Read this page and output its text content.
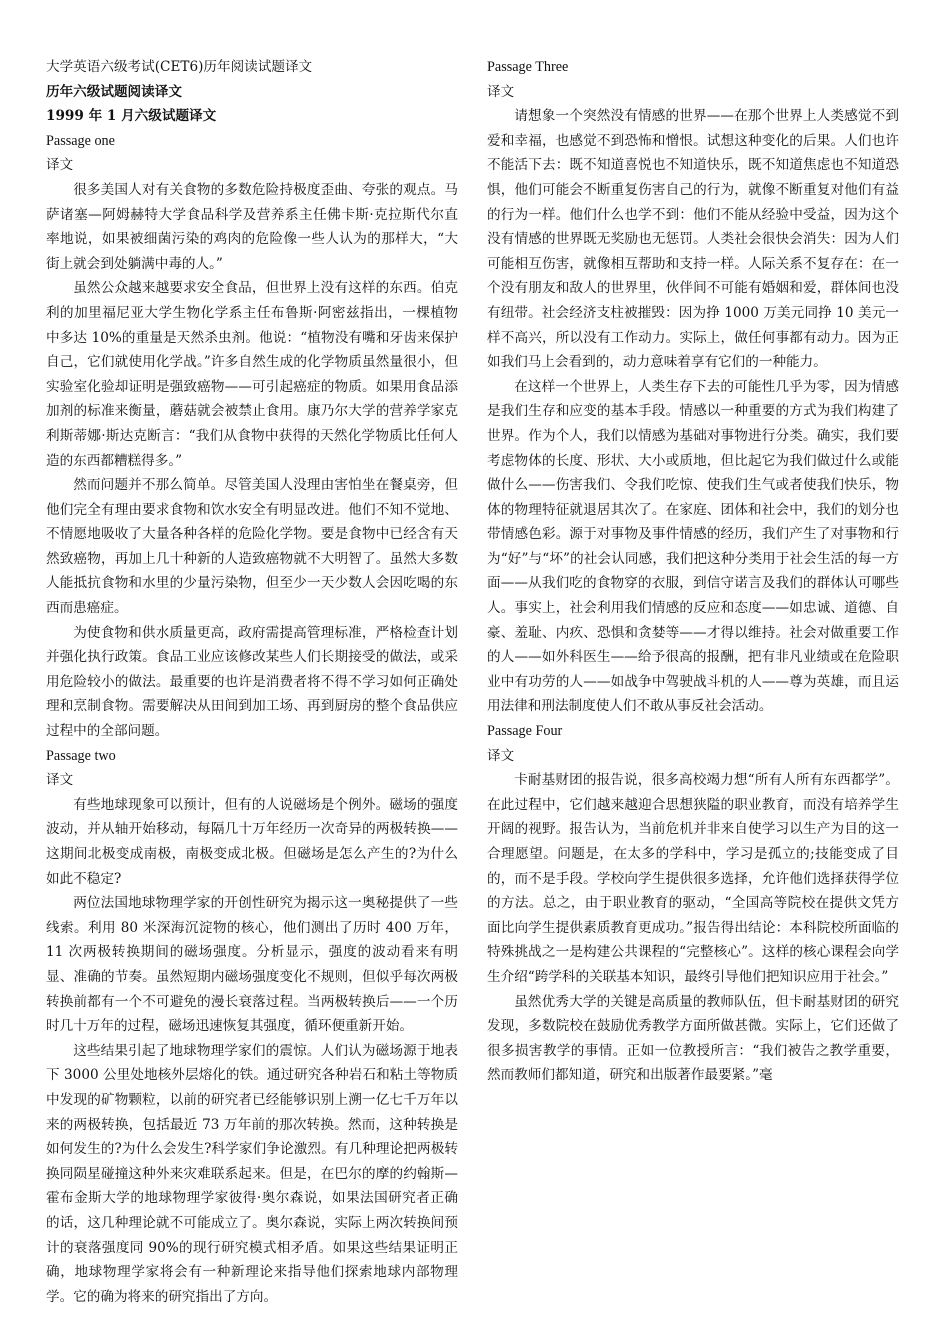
大学英语六级考试(CET6)历年阅读试题译文

历年六级试题阅读译文

1999 年 1 月六级试题译文

Passage one

译文

很多美国人对有关食物的多数危险持极度歪曲、夸张的观点。马萨诸塞—阿姆赫特大学食品科学及营养系主任佛卡斯·克拉斯代尔直率地说，如果被细菌污染的鸡肉的危险像一些人认为的那样大，“大街上就会到处躺满中毒的人。”

虽然公众越来越要求安全食品，但世界上没有这样的东西。伯克利的加里福尼亚大学生物化学系主任布鲁斯·阿密兹指出，一棵植物中多达 10%的重量是天然杀虫剂。他说：“植物没有嘴和牙齿来保护自己，它们就使用化学战。”许多自然生成的化学物质虽然量很小，但实验室化验却证明是强致癌物——可引起癌症的物质。如果用食品添加剂的标准来衡量，蘑菇就会被禁止食用。康乃尔大学的营养学家克利斯蒂娜·斯达克断言：“我们从食物中获得的天然化学物质比任何人造的东西都糟糕得多。”

然而问题并不那么简单。尽管美国人没理由害怕坐在餐桌旁，但他们完全有理由要求食物和饮水安全有明显改进。他们不知不觉地、不情愿地吸收了大量各种各样的危险化学物。要是食物中已经含有天然致癌物，再加上几十种新的人造致癌物就不大明智了。虽然大多数人能抵抗食物和水里的少量污染物，但至少一天少数人会因吃喝的东西而患癌症。

为使食物和供水质量更高，政府需提高管理标准，严格检查计划并强化执行政策。食品工业应该修改某些人们长期接受的做法，或采用危险较小的做法。最重要的也许是消费者将不得不学习如何正确处理和烹制食物。需要解决从田间到加工场、再到厨房的整个食品供应过程中的全部问题。

Passage two

译文

有些地球现象可以预计，但有的人说磁场是个例外。磁场的强度波动，并从轴开始移动，每隔几十万年经历一次奇异的两极转换——这期间北极变成南极，南极变成北极。但磁场是怎么产生的?为什么如此不稳定?

两位法国地球物理学家的开创性研究为揭示这一奥秘提供了一些线索。利用 80 米深海沉淀物的核心，他们测出了历时 400 万年，11 次两极转换期间的磁场强度。分析显示，强度的波动看来有明显、准确的节奏。虽然短期内磁场强度变化不规则，但似乎每次两极转换前都有一个不可避免的漫长衰落过程。当两极转换后——一个历时几十万年的过程，磁场迅速恢复其强度，循环便重新开始。

这些结果引起了地球物理学家们的震惊。人们认为磁场源于地表下 3000 公里处地核外层熔化的铁。通过研究各种岩石和粘土等物质中发现的矿物颗粒，以前的研究者已经能够识别上溯一亿七千万年以来的两极转换，包括最近 73 万年前的那次转换。然而，这种转换是如何发生的?为什么会发生?科学家们争论激烈。有几种理论把两极转换同陨星碰撞这种外来灾难联系起来。但是，在巴尔的摩的约翰斯—霍布金斯大学的地球物理学家彼得·奥尔森说，如果法国研究者正确的话，这几种理论就不可能成立了。奥尔森说，实际上两次转换间预计的衰落强度同 90%的现行研究模式相矛盾。如果这些结果证明正确，地球物理学家将会有一种新理论来指导他们探索地球内部物理学。它的确为将来的研究指出了方向。

Passage Three

译文

请想象一个突然没有情感的世界——在那个世界上人类感觉不到爱和幸福，也感觉不到恐怖和憎恨。试想这种变化的后果。人们也许不能活下去：既不知道喜悦也不知道快乐，既不知道焦虑也不知道恐惧，他们可能会不断重复伤害自己的行为，就像不断重复对他们有益的行为一样。他们什么也学不到：他们不能从经验中受益，因为这个没有情感的世界既无奖励也无惩罚。人类社会很快会消失：因为人们可能相互伤害，就像相互帮助和支持一样。人际关系不复存在：在一个没有朋友和敌人的世界里，伙伴间不可能有婚姻和爱，群体间也没有纽带。社会经济支柱被摧毁：因为挣 1000 万美元同挣 10 美元一样不高兴，所以没有工作动力。实际上，做任何事都有动力。因为正如我们马上会看到的，动力意味着享有它们的一种能力。

在这样一个世界上，人类生存下去的可能性几乎为零，因为情感是我们生存和应变的基本手段。情感以一种重要的方式为我们构建了世界。作为个人，我们以情感为基础对事物进行分类。确实，我们要考虑物体的长度、形状、大小或质地，但比起它为我们做过什么或能做什么——伤害我们、令我们吃惊、使我们生气或者使我们快乐，物体的物理特征就退居其次了。在家庭、团体和社会中，我们的划分也带情感色彩。源于对事物及事件情感的经历，我们产生了对事物和行为“好”与“坏”的社会认同感，我们把这种分类用于社会生活的每一方面——从我们吃的食物穿的衣服，到信守诺言及我们的群体认可哪些人。事实上，社会利用我们情感的反应和态度——如忠诚、道德、自豪、羞耻、内疚、恐惧和贪婪等——才得以维持。社会对做重要工作的人——如外科医生——给予很高的报酬，把有非凡业绩或在危险职业中有功劳的人——如战争中驾驶战斗机的人——尊为英雄，而且运用法律和刑法制度使人们不敢从事反社会活动。

Passage Four

译文

卡耐基财团的报告说，很多高校竭力想“所有人所有东西都学”。在此过程中，它们越来越迎合思想狭隘的职业教育，而没有培养学生开阔的视野。报告认为，当前危机并非来自使学习以生产为目的这一合理愿望。问题是，在太多的学科中，学习是孤立的;技能变成了目的，而不是手段。学校向学生提供很多选择，允许他们选择获得学位的方法。总之，由于职业教育的驱动，“全国高等院校在提供文凭方面比向学生提供素质教育更成功。”报告得出结论：本科院校所面临的特殊挑战之一是构建公共课程的“完整核心”。这样的核心课程会向学生介绍“跨学科的关联基本知识，最终引导他们把知识应用于社会。”

虽然优秀大学的关键是高质量的教师队伍，但卡耐基财团的研究发现，多数院校在鼓励优秀教学方面所做甚微。实际上，它们还做了很多损害教学的事情。正如一位教授所言：“我们被告之教学重要，然而教师们都知道，研究和出版著作最要紧。”毫
